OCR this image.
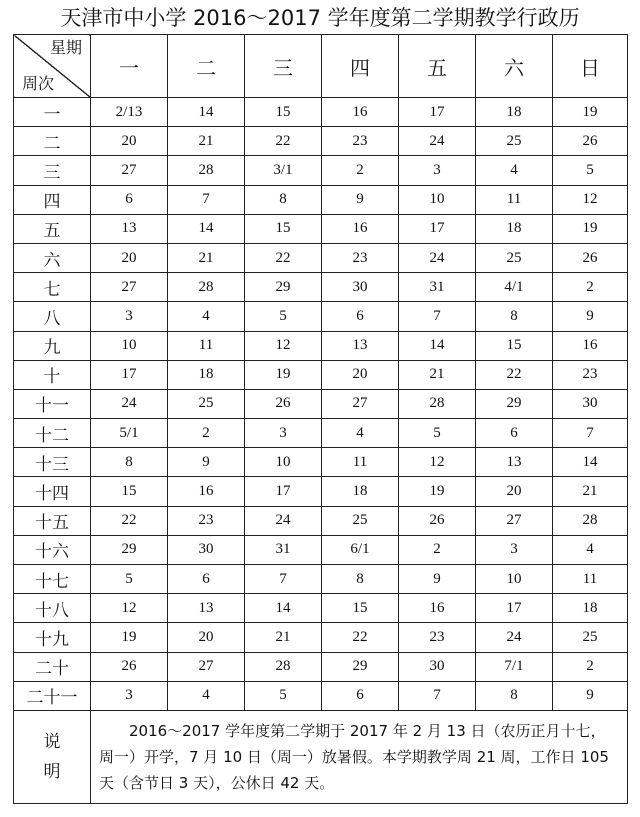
天津市中小学 2016～2017 学年度第二学期教学行政历
星期
周次	一	二	三	四	五	六	日
一	2/13	14	15	16	17	18	19
二	20	21	22	23	24	25	26
三	27	28	3/1	2	3	4	5
四	6	7	8	9	10	11	12
五	13	14	15	16	17	18	19
六	20	21	22	23	24	25	26
七	27	28	29	30	31	4/1	2
八	3	4	5	6	7	8	9
九	10	11	12	13	14	15	16
十	17	18	19	20	21	22	23
十一	24	25	26	27	28	29	30
十二	5/1	2	3	4	5	6	7
十三	8	9	10	11	12	13	14
十四	15	16	17	18	19	20	21
十五	22	23	24	25	26	27	28
十六	29	30	31	6/1	2	3	4
十七	5	6	7	8	9	10	11
十八	12	13	14	15	16	17	18
十九	19	20	21	22	23	24	25
二十	26	27	28	29	30	7/1	2
二十一	3	4	5	6	7	8	9

说
明	2016～2017 学年度第二学期于 2017 年 2 月 13 日（农历正月十七，周一）开学，7 月 10 日（周一）放暑假。本学期教学周 21 周，工作日 105 天（含节日 3 天），公休日 42 天。						
